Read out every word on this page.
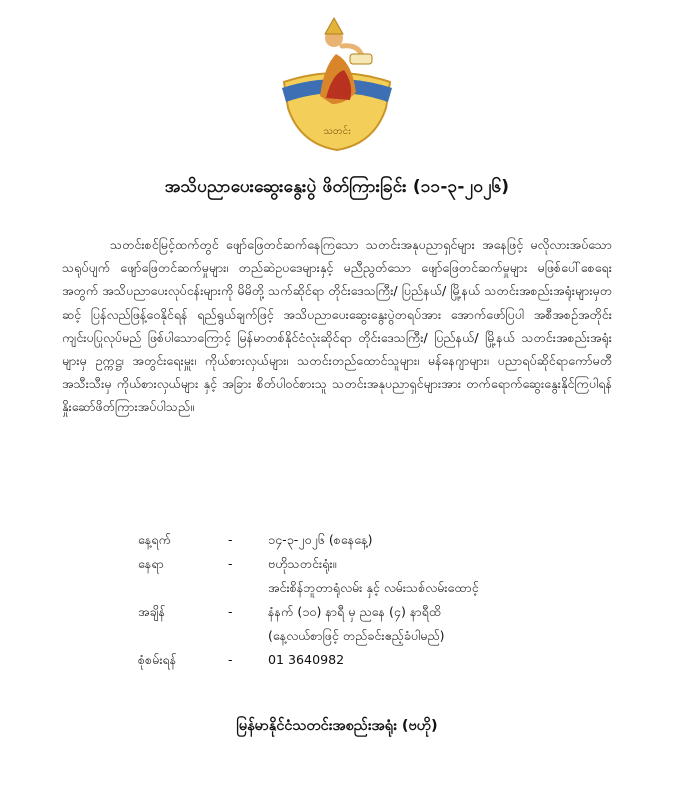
သတင်း
အသိပညာပေးဆွေးနွေးပွဲ ဖိတ်ကြားခြင်း (၁၁-၃-၂၀၂၆)

သတင်းစင်မြင့်ထက်တွင် ဖျော်ဖြေတင်ဆက်နေကြသော သတင်းအနုပညာရှင်များ အနေဖြင့် မလိုလားအပ်သော သရုပ်ပျက် ဖျော်ဖြေတင်ဆက်မှုများ၊ တည်ဆဲဥပဒေများနှင့် မညီညွတ်သော ဖျော်ဖြေတင်ဆက်မှုများ မဖြစ်ပေါ်စေရေးအတွက် အသိပညာပေးလုပ်ငန်းများကို မိမိတို့ သက်ဆိုင်ရာ တိုင်းဒေသကြီး/ ပြည်နယ်/ မြို့နယ် သတင်းအစည်းအရုံးများမှတဆင့် ပြန်လည်ဖြန့်ဝေနိုင်ရန် ရည်ရွယ်ချက်ဖြင့် အသိပညာပေးဆွေးနွေးပွဲတရပ်အား အောက်ဖော်ပြပါ အစီအစဉ်အတိုင်း ကျင်းပပြုလုပ်မည် ဖြစ်ပါသောကြောင့် မြန်မာတစ်နိုင်ငံလုံးဆိုင်ရာ တိုင်းဒေသကြီး/ ပြည်နယ်/ မြို့နယ် သတင်းအစည်းအရုံးများမှ ဥက္ကဋ္ဌ၊ အတွင်းရေးမှူး၊ ကိုယ်စားလှယ်များ၊ သတင်းတည်ထောင်သူများ၊ မန်နေဂျာများ၊ ပညာရပ်ဆိုင်ရာကော်မတီအသီးသီးမှ ကိုယ်စားလှယ်များ နှင့် အခြား စိတ်ပါဝင်စားသူ သတင်းအနုပညာရှင်များအား တက်ရောက်ဆွေးနွေးနိုင်ကြပါရန် နှိုးဆော်ဖိတ်ကြားအပ်ပါသည်။

နေ့ရက်	-	၁၄-၃-၂၀၂၆ (စနေနေ့)
နေရာ	-	ဗဟိုသတင်းရုံး။
အင်းစိန်ဘူတာရုံလမ်း နှင့် လမ်းသစ်လမ်းထောင့်
အချိန်	-	နံနက် (၁၀) နာရီ မှ ညနေ (၄) နာရီထိ
(နေ့လယ်စာဖြင့် တည်ခင်းဧည့်ခံပါမည်)
စုံစမ်းရန်	-	01 3640982
မြန်မာနိုင်ငံသတင်းအစည်းအရုံး (ဗဟို)
